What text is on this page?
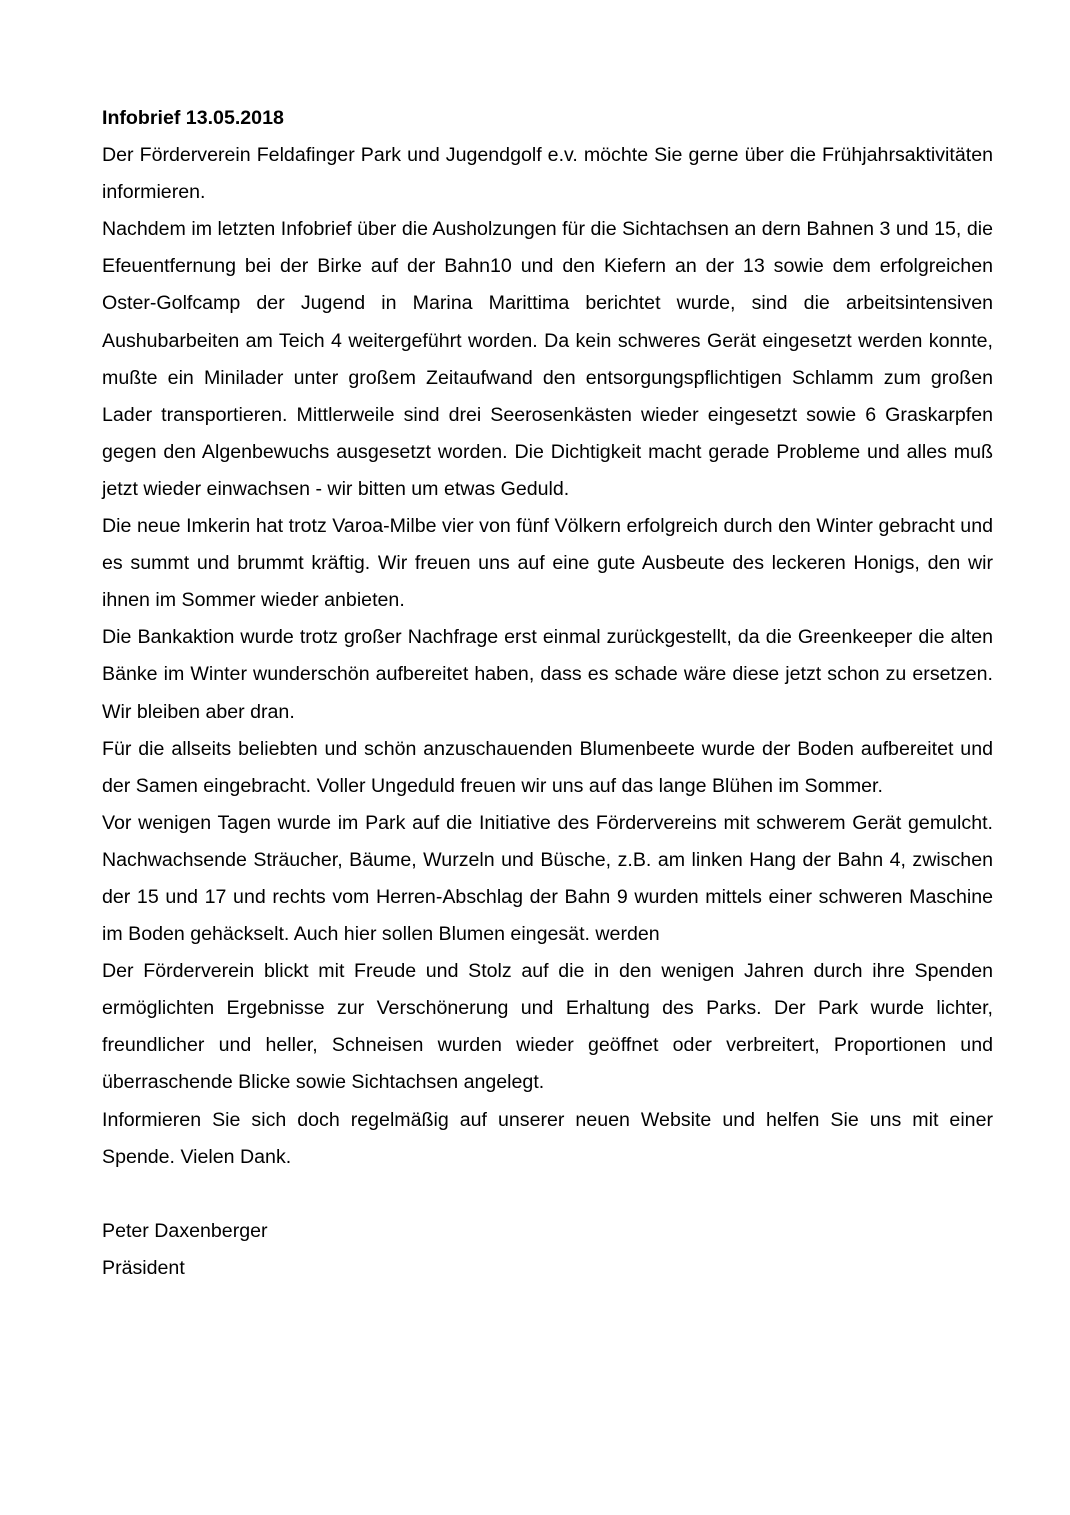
Infobrief 13.05.2018

Der Förderverein Feldafinger Park und Jugendgolf e.v. möchte Sie gerne über die Frühjahrsaktivitäten informieren.

Nachdem im letzten Infobrief über die Ausholzungen für die Sichtachsen an dern Bahnen 3 und 15, die Efeuentfernung bei der Birke auf der Bahn10 und den Kiefern an der 13 sowie dem erfolgreichen Oster-Golfcamp der Jugend in Marina Marittima berichtet wurde, sind die arbeitsintensiven Aushubarbeiten am Teich 4 weitergeführt worden. Da kein schweres Gerät eingesetzt werden konnte, mußte ein Minilader unter großem Zeitaufwand den entsorgungspflichtigen Schlamm zum großen Lader transportieren. Mittlerweile sind drei Seerosenkästen wieder eingesetzt sowie 6 Graskarpfen gegen den Algenbewuchs ausgesetzt worden. Die Dichtigkeit macht gerade Probleme und alles muß jetzt wieder einwachsen - wir bitten um etwas Geduld.

Die neue Imkerin hat trotz Varoa-Milbe vier von fünf Völkern erfolgreich durch den Winter gebracht und es summt und brummt kräftig. Wir freuen uns auf eine gute Ausbeute des leckeren Honigs, den wir ihnen im Sommer wieder anbieten.

Die Bankaktion wurde trotz großer Nachfrage erst einmal zurückgestellt, da die Greenkeeper die alten Bänke im Winter wunderschön aufbereitet haben, dass es schade wäre diese jetzt schon zu ersetzen. Wir bleiben aber dran.

Für die allseits beliebten und schön anzuschauenden Blumenbeete wurde der Boden aufbereitet und der Samen eingebracht. Voller Ungeduld freuen wir uns auf das lange Blühen im Sommer.

Vor wenigen Tagen wurde im Park auf die Initiative des Fördervereins mit schwerem Gerät gemulcht. Nachwachsende Sträucher, Bäume, Wurzeln und Büsche, z.B. am linken Hang der Bahn 4, zwischen der 15 und 17 und rechts vom Herren-Abschlag der Bahn 9 wurden mittels einer schweren Maschine im Boden gehäckselt. Auch hier sollen Blumen eingesät. werden

Der Förderverein blickt mit Freude und Stolz auf die in den wenigen Jahren durch ihre Spenden ermöglichten Ergebnisse zur Verschönerung und Erhaltung des Parks. Der Park wurde lichter, freundlicher und heller, Schneisen wurden wieder geöffnet oder verbreitert, Proportionen und überraschende Blicke sowie Sichtachsen angelegt.

Informieren Sie sich doch regelmäßig auf unserer neuen Website und helfen Sie uns mit einer Spende. Vielen Dank.

Peter Daxenberger

Präsident
